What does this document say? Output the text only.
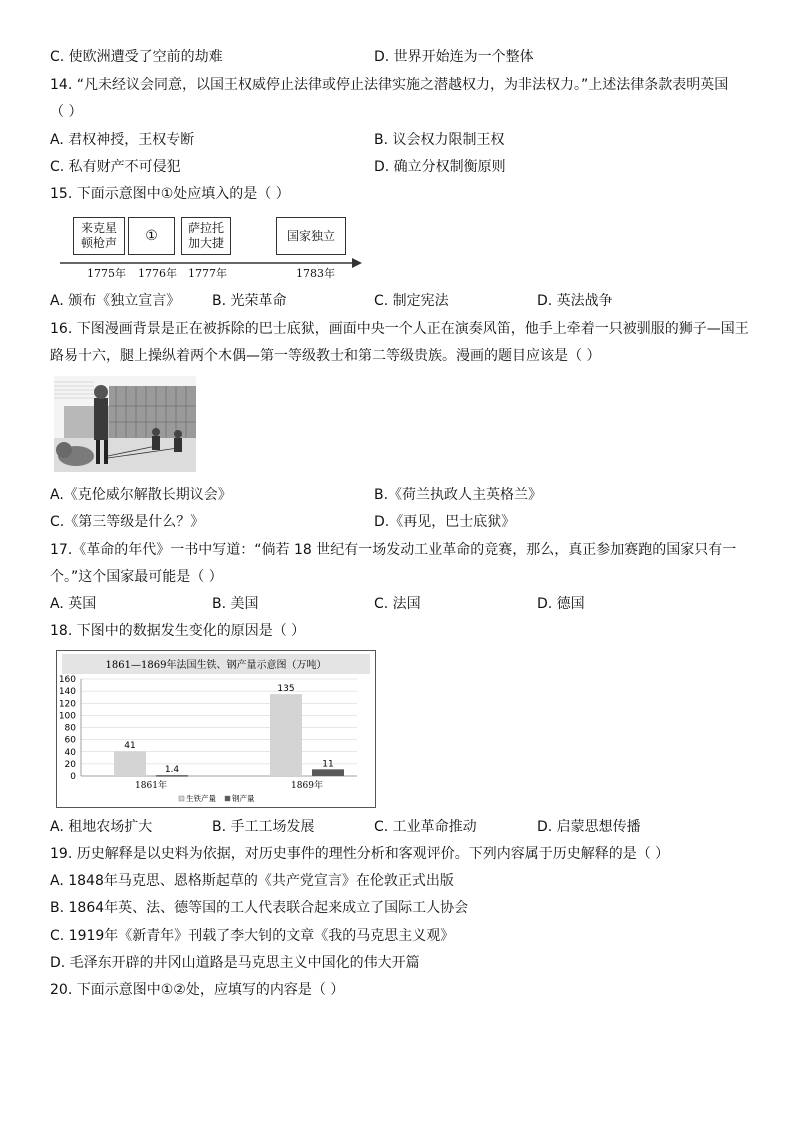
C. 使欧洲遭受了空前的劫难	D. 世界开始连为一个整体
14. “凡未经议会同意，以国王权威停止法律或停止法律实施之潜越权力，为非法权力。”上述法律条款表明英国
（ ）
A. 君权神授，王权专断	B. 议会权力限制王权
C. 私有财产不可侵犯	D. 确立分权制衡原则
15. 下面示意图中①处应填入的是（ ）
来克星
顿枪声	①	萨拉托
加大捷
国家独立
1775年 1776年 1777年	1783年
A. 颁布《独立宣言》 B. 光荣革命	C. 制定宪法	D. 英法战争
16. 下图漫画背景是正在被拆除的巴士底狱，画面中央一个人正在演奏风笛，他手上牵着一只被驯服的狮子—国王
路易十六，腿上操纵着两个木偶—第一等级教士和第二等级贵族。漫画的题目应该是（ ）
A.《克伦威尔解散长期议会》	B.《荷兰执政人主英格兰》
C.《第三等级是什么？》	D.《再见，巴士底狱》
17.《革命的年代》一书中写道：“倘若 18 世纪有一场发动工业革命的竞赛，那么，真正参加赛跑的国家只有一
个。”这个国家最可能是（ ）
A. 英国	B. 美国	C. 法国	D. 德国
18. 下图中的数据发生变化的原因是（ ）
1861—1869年法国生铁、钢产量示意图（万吨）
0
20
40
60
80
100
120
140
160
41
1.4
1861年
135
11
1869年
生铁产量 钢产量
A. 租地农场扩大	B. 手工工场发展	C. 工业革命推动	D. 启蒙思想传播
19. 历史解释是以史料为依据，对历史事件的理性分析和客观评价。下列内容属于历史解释的是（ ）
A. 1848年马克思、恩格斯起草的《共产党宣言》在伦敦正式出版
B. 1864年英、法、德等国的工人代表联合起来成立了国际工人协会
C. 1919年《新青年》刊载了李大钊的文章《我的马克思主义观》
D. 毛泽东开辟的井冈山道路是马克思主义中国化的伟大开篇
20. 下面示意图中①②处，应填写的内容是（ ）
